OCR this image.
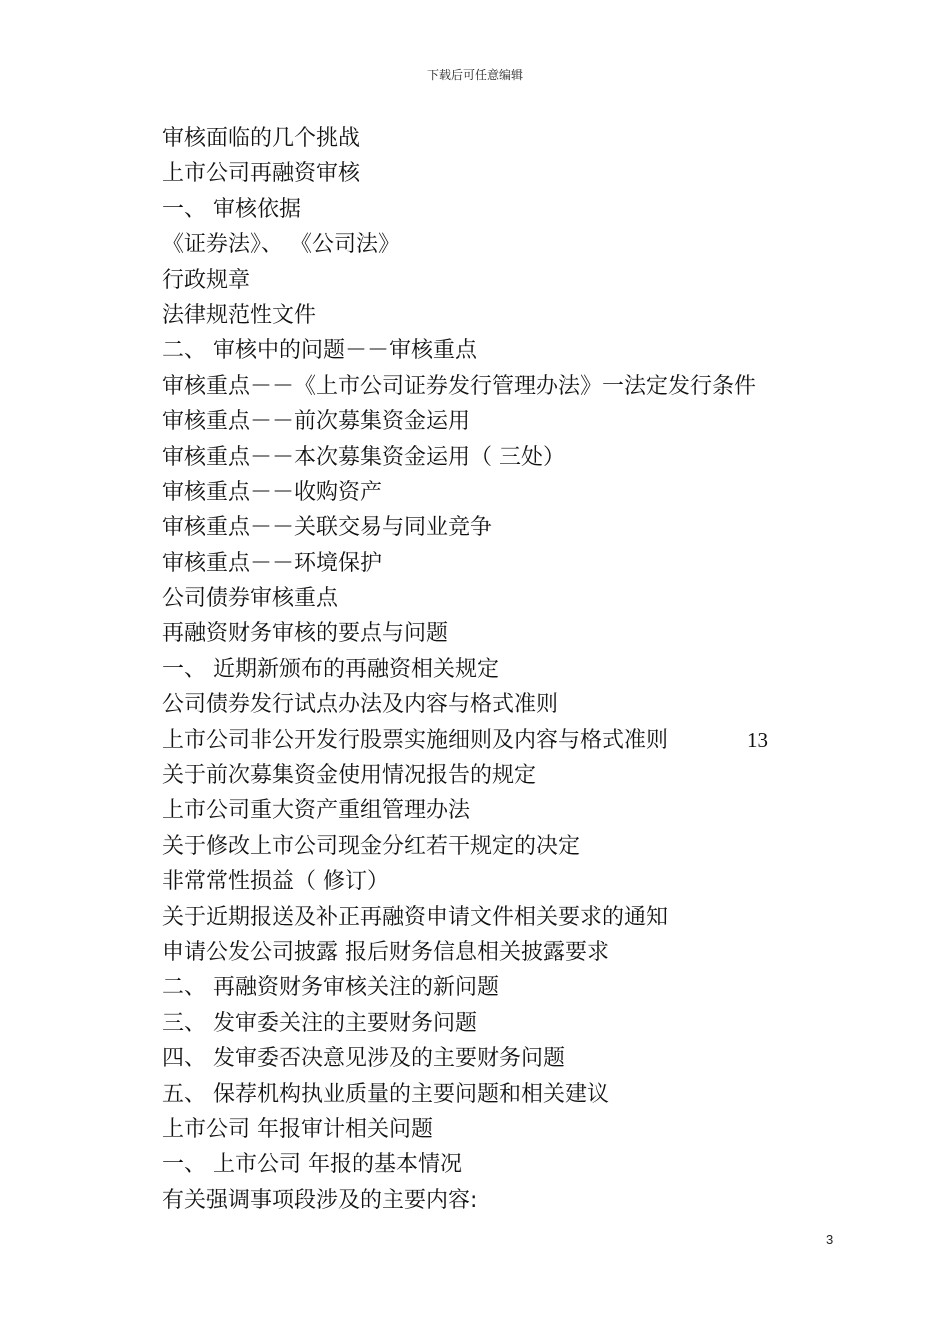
下载后可任意编辑
审核面临的几个挑战
上市公司再融资审核
一、 审核依据
《证券法》、 《公司法》
行政规章
法律规范性文件
二、 审核中的问题－－审核重点
审核重点－－《上市公司证券发行管理办法》一法定发行条件
审核重点－－前次募集资金运用
审核重点－－本次募集资金运用（ 三处）
审核重点－－收购资产
审核重点－－关联交易与同业竞争
审核重点－－环境保护
公司债券审核重点
再融资财务审核的要点与问题
一、 近期新颁布的再融资相关规定
公司债券发行试点办法及内容与格式准则
上市公司非公开发行股票实施细则及内容与格式准则	13
关于前次募集资金使用情况报告的规定
上市公司重大资产重组管理办法
关于修改上市公司现金分红若干规定的决定
非常常性损益（ 修订）
关于近期报送及补正再融资申请文件相关要求的通知
申请公发公司披露 报后财务信息相关披露要求
二、 再融资财务审核关注的新问题
三、 发审委关注的主要财务问题
四、 发审委否决意见涉及的主要财务问题
五、 保荐机构执业质量的主要问题和相关建议
上市公司 年报审计相关问题
一、 上市公司 年报的基本情况
有关强调事项段涉及的主要内容:
3
